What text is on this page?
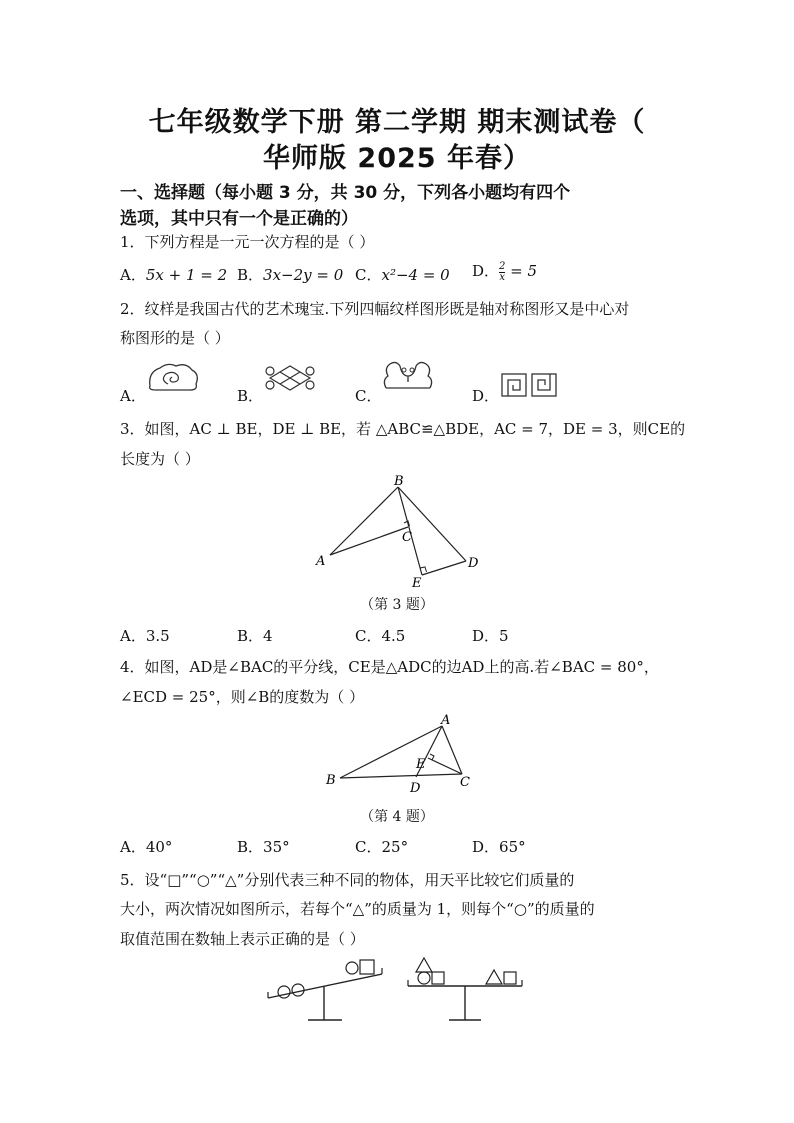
七年级数学下册 第二学期 期末测试卷（
华师版 2025 年春）
一、选择题（每小题 3 分，共 30 分，下列各小题均有四个
选项，其中只有一个是正确的）
1．下列方程是一元一次方程的是（ ）
A．5x + 1 = 2 B．3x−2y = 0 C．x²−4 = 0 D． $\frac{2}{x} = 5$
2．纹样是我国古代的艺术瑰宝.下列四幅纹样图形既是轴对称图形又是中心对
称图形的是（ ）
A．	B．	C．	D．
3．如图，AC ⊥ BE，DE ⊥ BE，若 △ABC≌△BDE，AC = 7，DE = 3，则CE的
长度为（ ）
B
A
C
D
E
（第 3 题）
A．3.5	B．4	C．4.5	D．5
4．如图，AD是∠BAC的平分线，CE是△ADC的边AD上的高.若∠BAC = 80°，
∠ECD = 25°，则∠B的度数为（ ）
A
B	C
D
E
（第 4 题）
A．40°	B．35°	C．25°	D．65°
5．设“□”“○”“△”分别代表三种不同的物体，用天平比较它们质量的
大小，两次情况如图所示，若每个“△”的质量为 1，则每个“○”的质量的
取值范围在数轴上表示正确的是（ ）
